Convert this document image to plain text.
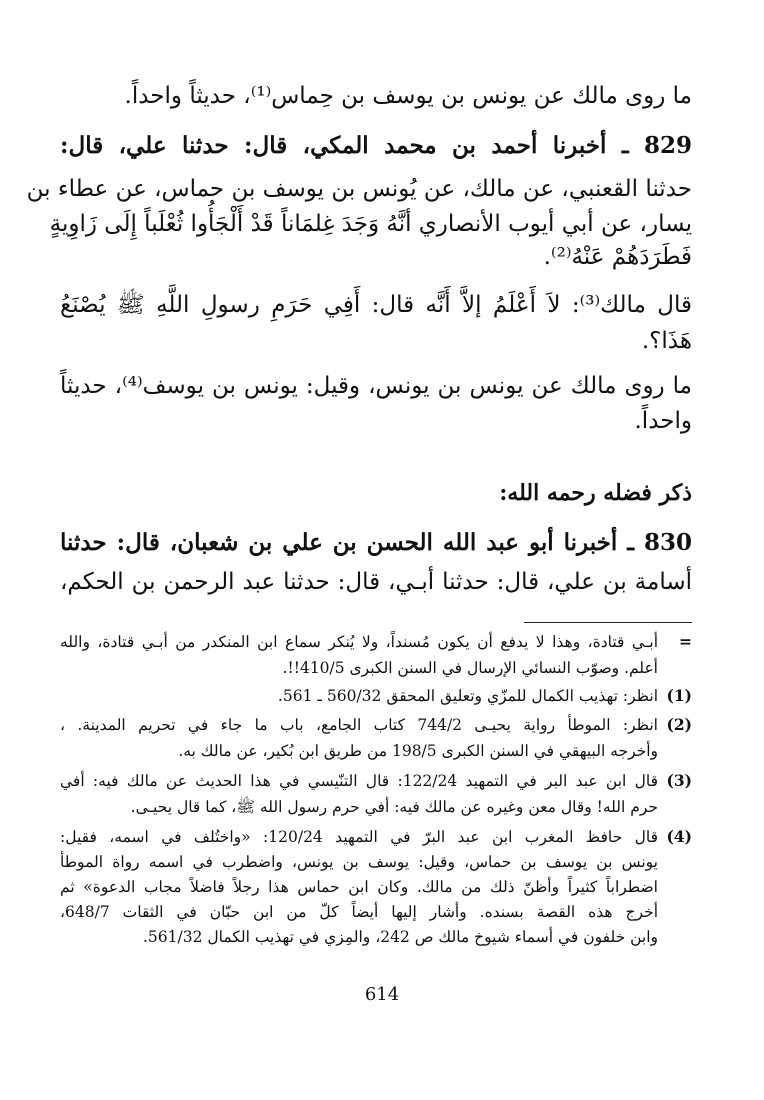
ما روى مالك عن يونس بن يوسف بن حِماس⁽¹⁾، حديثاً واحداً.
829 ـ أخبرنا أحمد بن محمد المكي، قال: حدثنا علي، قال:
حدثنا القعنبي، عن مالك، عن يُونس بن يوسف بن حماس، عن عطاء بن
يسار، عن أبي أيوب الأنصاري أنَّهُ وَجَدَ غِلمَاناً قَدْ أَلْجَأُوا ثُعْلَباً إِلَى زَاوِيةٍ
فَطَرَدَهُمْ عَنْهُ⁽²⁾.
قال مالك⁽³⁾: لاَ أَعْلَمُ إلاَّ أَنَّه قال: أَفِي حَرَمِ رسولِ اللَّهِ ﷺ يُصْنَعُ
هَذَا؟.
ما روى مالك عن يونس بن يونس، وقيل: يونس بن يوسف⁽⁴⁾، حديثاً
واحداً.
ذكر فضله رحمه الله:
830 ـ أخبرنا أبو عبد الله الحسن بن علي بن شعبان، قال: حدثنا
أسامة بن علي، قال: حدثنا أبـي، قال: حدثنا عبد الرحمن بن الحكم،
=
أبـي قتادة، وهذا لا يدفع أن يكون مُسنداً، ولا يُنكر سماع ابن المنكدر من أبـي قتادة، والله
أعلم. وصوّب النسائي الإرسال في السنن الكبرى 410/5!!.
(1)
انظر: تهذيب الكمال للمزّي وتعليق المحقق 560/32 ـ 561.
(2)
انظر: الموطأ رواية يحيـى 744/2 كتاب الجامع، باب ما جاء في تحريم المدينة. ،
وأخرجه البيهقي في السنن الكبرى 198/5 من طريق ابن بُكير، عن مالك به.
(3)
قال ابن عبد البر في التمهيد 122/24: قال التنّيسي في هذا الحديث عن مالك فيه: أفي
حرم الله! وقال معن وغيره عن مالك فيه: أفي حرم رسول الله ﷺ، كما قال يحيـى.
(4)
قال حافظ المغرب ابن عبد البرّ في التمهيد 120/24: «واختُلف في اسمه، فقيل:
يونس بن يوسف بن حماس، وقيل: يوسف بن يونس، واضطرب في اسمه رواة الموطأ
اضطراباً كثيراً وأظنّ ذلك من مالك. وكان ابن حماس هذا رجلاً فاضلاً مجاب الدعوة» ثم
أخرج هذه القصة بسنده. وأشار إليها أيضاً كلّ من ابن حبّان في الثقات 648/7،
وابن خلفون في أسماء شيوخ مالك ص 242، والمِزي في تهذيب الكمال 561/32.
614
